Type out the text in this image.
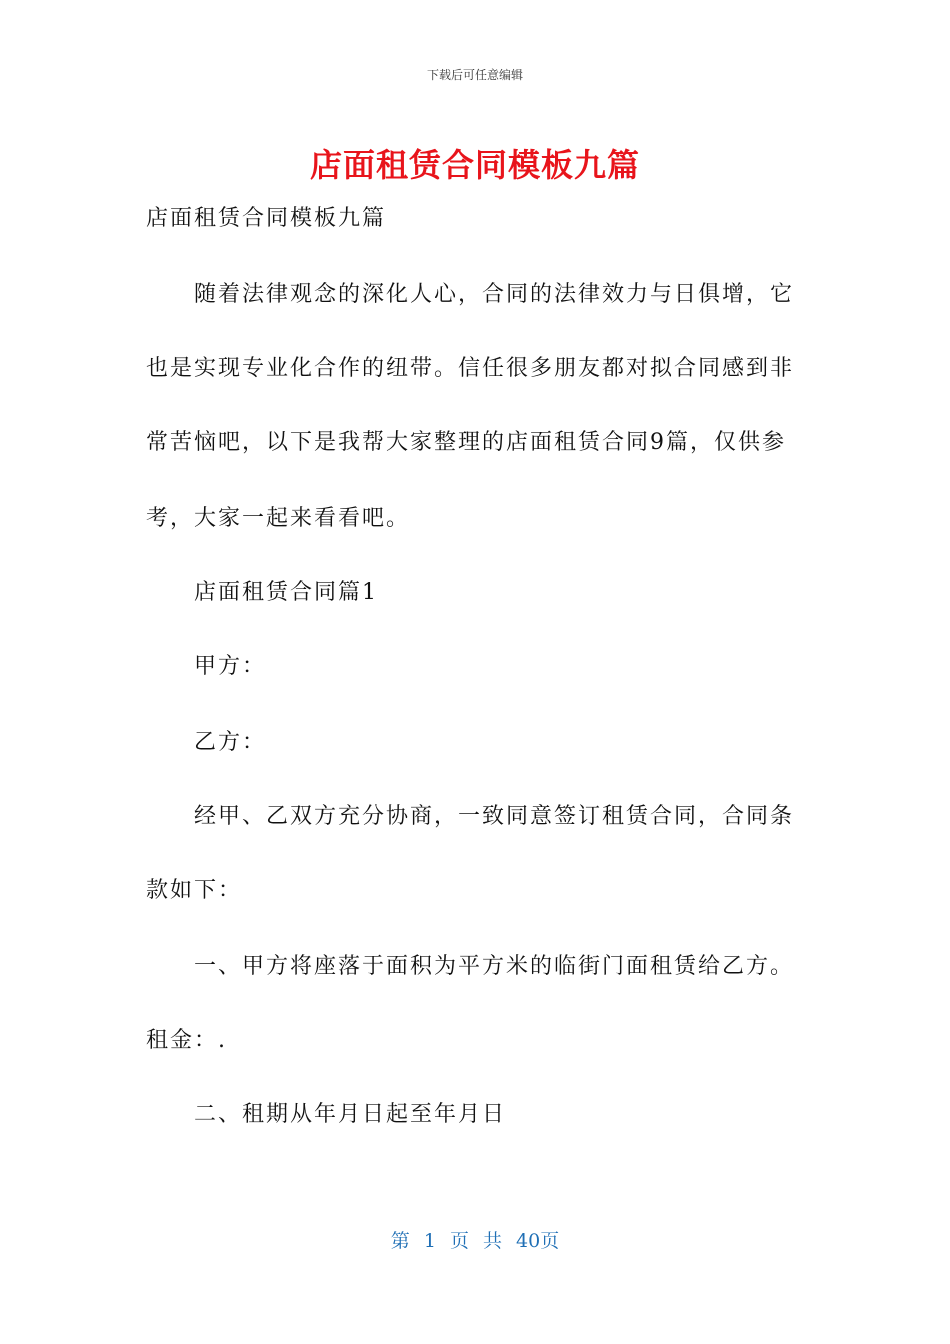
下载后可任意编辑
店面租赁合同模板九篇
店面租赁合同模板九篇
随着法律观念的深化人心，合同的法律效力与日俱增，它
也是实现专业化合作的纽带。信任很多朋友都对拟合同感到非
常苦恼吧，以下是我帮大家整理的店面租赁合同9篇，仅供参
考，大家一起来看看吧。
店面租赁合同篇1
甲方：
乙方：
经甲、乙双方充分协商，一致同意签订租赁合同，合同条
款如下：
一、甲方将座落于面积为平方米的临街门面租赁给乙方。
租金：.
二、租期从年月日起至年月日
第 1 页 共 40页
